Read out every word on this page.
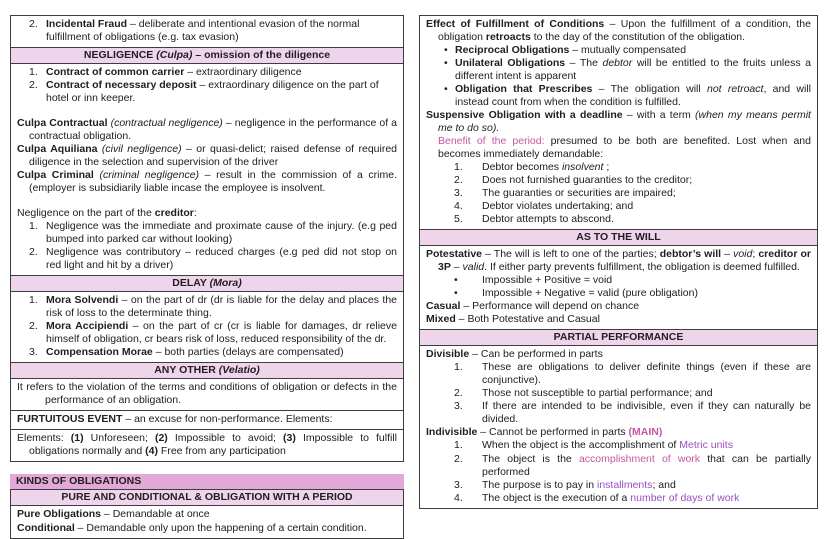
2. Incidental Fraud – deliberate and intentional evasion of the normal fulfillment of obligations (e.g. tax evasion)
NEGLIGENCE (Culpa) – omission of the diligence
1. Contract of common carrier – extraordinary diligence
2. Contract of necessary deposit – extraordinary diligence on the part of hotel or inn keeper.
Culpa Contractual (contractual negligence) – negligence in the performance of a contractual obligation.
Culpa Aquiliana (civil negligence) – or quasi-delict; raised defense of required diligence in the selection and supervision of the driver
Culpa Criminal (criminal negligence) – result in the commission of a crime. (employer is subsidiarily liable incase the employee is insolvent.
Negligence on the part of the creditor:
1. Negligence was the immediate and proximate cause of the injury. (e.g ped bumped into parked car without looking)
2. Negligence was contributory – reduced charges (e.g ped did not stop on red light and hit by a driver)
DELAY (Mora)
1. Mora Solvendi – on the part of dr (dr is liable for the delay and places the risk of loss to the determinate thing.
2. Mora Accipiendi – on the part of cr (cr is liable for damages, dr relieve himself of obligation, cr bears risk of loss, reduced responsibility of the dr.
3. Compensation Morae – both parties (delays are compensated)
ANY OTHER (Velatio)
It refers to the violation of the terms and conditions of obligation or defects in the performance of an obligation.
FURTUITOUS EVENT – an excuse for non-performance. Elements:
Elements: (1) Unforeseen; (2) Impossible to avoid; (3) Impossible to fulfill obligations normally and (4) Free from any participation
KINDS OF OBLIGATIONS
PURE AND CONDITIONAL & OBLIGATION WITH A PERIOD
Pure Obligations – Demandable at once
Conditional – Demandable only upon the happening of a certain condition.
Effect of Fulfillment of Conditions – Upon the fulfillment of a condition, the obligation retroacts to the day of the constitution of the obligation.
• Reciprocal Obligations – mutually compensated
• Unilateral Obligations – The debtor will be entitled to the fruits unless a different intent is apparent
• Obligation that Prescribes – The obligation will not retroact, and will instead count from when the condition is fulfilled.
Suspensive Obligation with a deadline – with a term (when my means permit me to do so).
Benefit of the period: presumed to be both are benefited. Lost when and becomes immediately demandable:
1.	Debtor becomes insolvent ;
2.	Does not furnished guaranties to the creditor;
3.	The guaranties or securities are impaired;
4.	Debtor violates undertaking; and
5.	Debtor attempts to abscond.
AS TO THE WILL
Potestative – The will is left to one of the parties; debtor’s will – void; creditor or 3P – valid. If either party prevents fulfillment, the obligation is deemed fulfilled.
•	Impossible + Positive = void
•	Impossible + Negative = valid (pure obligation)
Casual – Performance will depend on chance
Mixed – Both Potestative and Casual
PARTIAL PERFORMANCE
Divisible – Can be performed in parts
1.	These are obligations to deliver definite things (even if these are conjunctive).
2.	Those not susceptible to partial performance; and
3.	If there are intended to be indivisible, even if they can naturally be divided.
Indivisible – Cannot be performed in parts (MAIN)
1.	When the object is the accomplishment of Metric units
2.	The object is the accomplishment of work that can be partially performed
3.	The purpose is to pay in installments; and
4.	The object is the execution of a number of days of work
